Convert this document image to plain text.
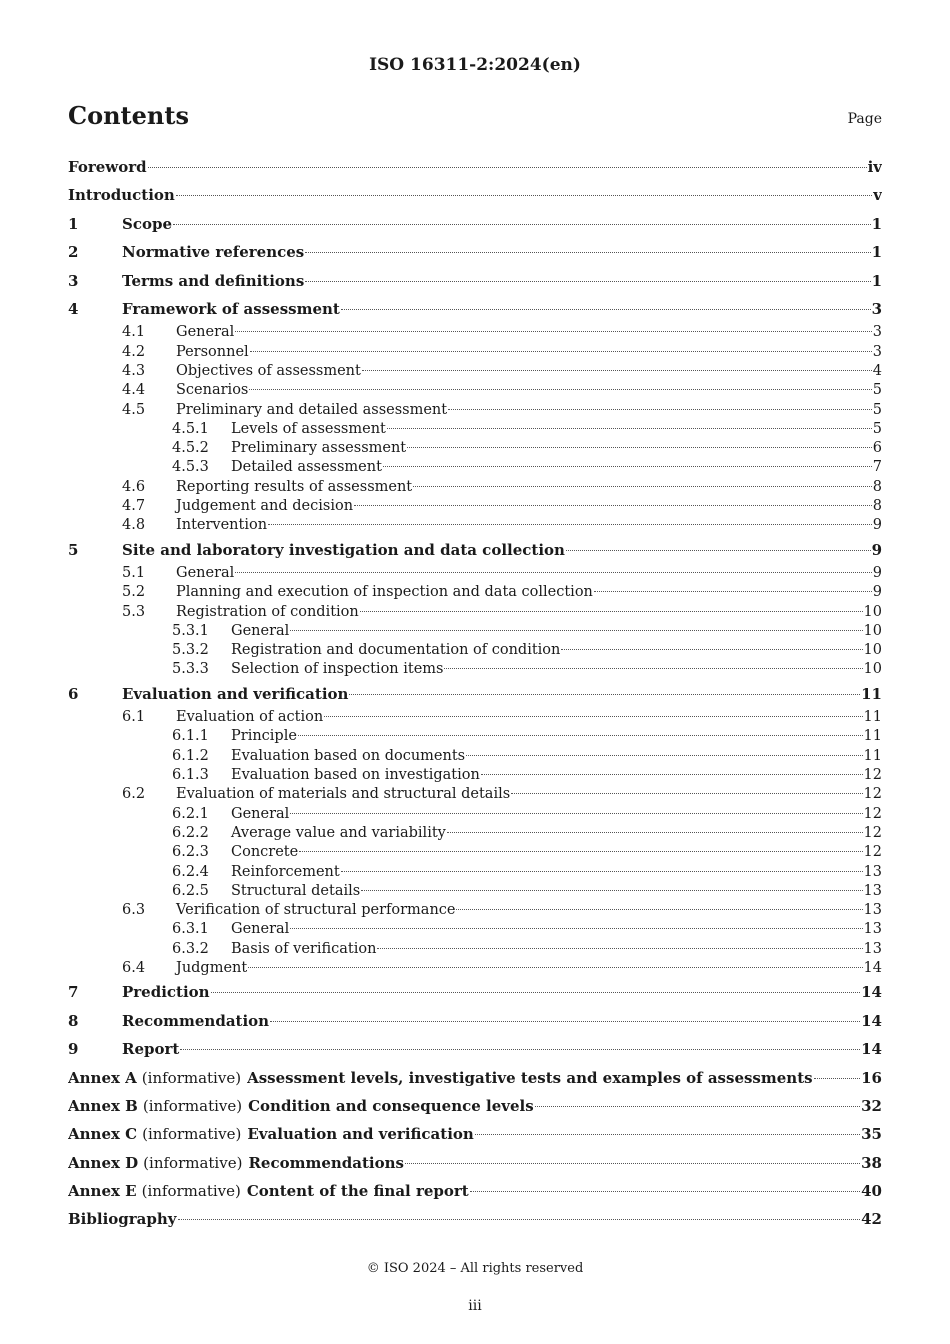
ISO 16311-2:2024(en)
Contents	Page
Foreword	iv
Introduction	v
1	Scope	1
2	Normative references	1
3	Terms and definitions	1
4	Framework of assessment	3
4.1	General	3
4.2	Personnel	3
4.3	Objectives of assessment	4
4.4	Scenarios	5
4.5	Preliminary and detailed assessment	5
4.5.1	Levels of assessment	5
4.5.2	Preliminary assessment	6
4.5.3	Detailed assessment	7
4.6	Reporting results of assessment	8
4.7	Judgement and decision	8
4.8	Intervention	9
5	Site and laboratory investigation and data collection	9
5.1	General	9
5.2	Planning and execution of inspection and data collection	9
5.3	Registration of condition	10
5.3.1	General	10
5.3.2	Registration and documentation of condition	10
5.3.3	Selection of inspection items	10
6	Evaluation and verification	11
6.1	Evaluation of action	11
6.1.1	Principle	11
6.1.2	Evaluation based on documents	11
6.1.3	Evaluation based on investigation	12
6.2	Evaluation of materials and structural details	12
6.2.1	General	12
6.2.2	Average value and variability	12
6.2.3	Concrete	12
6.2.4	Reinforcement	13
6.2.5	Structural details	13
6.3	Verification of structural performance	13
6.3.1	General	13
6.3.2	Basis of verification	13
6.4	Judgment	14
7	Prediction	14
8	Recommendation	14
9	Report	14
Annex A (informative) Assessment levels, investigative tests and examples of assessments	16
Annex B (informative) Condition and consequence levels	32
Annex C (informative) Evaluation and verification	35
Annex D (informative) Recommendations	38
Annex E (informative) Content of the final report	40
Bibliography	42
© ISO 2024 – All rights reserved
iii
